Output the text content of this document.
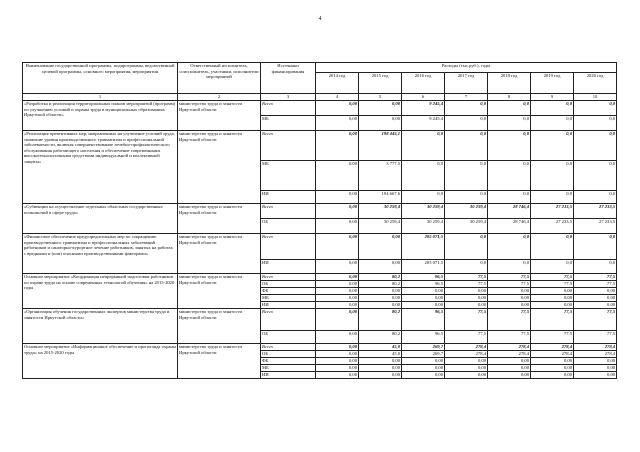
4
Наименование государственной программы, подпрограммы, ведомственной целевой программы, основного мероприятия, мероприятия	Ответственный исполнитель, соисполнитель, участники, исполнители мероприятий	Источники финансирования	Расходы (тыс.руб.), годы						
			2014 год	2015 год	2016 год	2017 год	2018 год	2019 год	2020 год
1	2	3	4	5	6	7	8	9	10
«Разработка и реализация территориальных планов мероприятий (программ) по улучшению условий и охраны труда в муниципальных образованиях Иркутской области»	министерство труда и занятости Иркутской области	Всего	0,00	0,00	9 245,4	0,0	0,0	0,0	0,0
		МБ	0,00	0,00	9 245,4	0,0	0,0	0,0	0,0
«Реализация превентивных мер, направленных на улучшение условий труда, снижение уровня производственного травматизма и профессиональной заболеваемости, включая совершенствование лечебно-профилактического обслуживания работающего населения и обеспечение современными высокотехнологичными средствами индивидуальной и коллективной защиты»	министерство труда и занятости Иркутской области	Всего	0,00	198 445,1	0,0	0,0	0,0	0,0	0,0
		МБ	0,00	3 777,5	0,0	0,0	0,0	0,0	0,0
		ИИ	0,00	194 667,6	0,0	0,0	0,0	0,0	0,0
«Субвенции на осуществление отдельных областных государственных полномочий в сфере труда»	министерство труда и занятости Иркутской области	Всего	0,00	30 259,4	30 259,4	30 259,4	28 746,4	27 233,5	27 233,5
		ОБ	0,00	30 259,4	30 259,4	30 259,4	28 746,4	27 233,5	27 233,5
«Финансовое обеспечение предупредительных мер по сокращению производственного травматизма и профессиональных заболеваний работников и санаторно-курортное лечение работников, занятых на работах с вредными и (или) опасными производственными факторами»	министерство труда и занятости Иркутской области	Всего	0,00	0,00	205 071,5	0,0	0,0	0,0	0,0
		ИИ	0,00	0,00	205 071,5	0,0	0,0	0,0	0,0
Основное мероприятие «Координация непрерывной подготовки работников по охране труда на основе современных технологий обучения» на 2015-2020 годы	министерство труда и занятости Иркутской области	Всего	0,00	80,2	96,5	77,5	77,5	77,5	77,5
		ОБ	0,00	80,2	96,5	77,5	77,5	77,5	77,5
		ФБ	0,00	0,00	0,00	0,00	0,00	0,00	0,00
		МБ	0,00	0,00	0,00	0,00	0,00	0,00	0,00
		ИИ	0,00	0,00	0,00	0,00	0,00	0,00	0,00
«Организация обучения государственных экспертов министерства труда и занятости Иркутской области»	министерство труда и занятости Иркутской области	Всего	0,00	80,2	96,5	77,5	77,5	77,5	77,5
		ОБ	0,00	80,2	96,5	77,5	77,5	77,5	77,5
Основное мероприятие «Информационное обеспечение и пропаганда охраны труда» на 2015-2020 годы	министерство труда и занятости Иркутской области	Всего	0,00	45,0	269,7	278,4	278,4	278,4	278,4
		ОБ	0,00	45,0	269,7	278,4	278,4	278,4	278,4
		ФБ	0,00	0,00	0,00	0,00	0,00	0,00	0,00
		МБ	0,00	0,00	0,00	0,00	0,00	0,00	0,00
		ИИ	0,00	0,00	0,00	0,00	0,00	0,00	0,00
